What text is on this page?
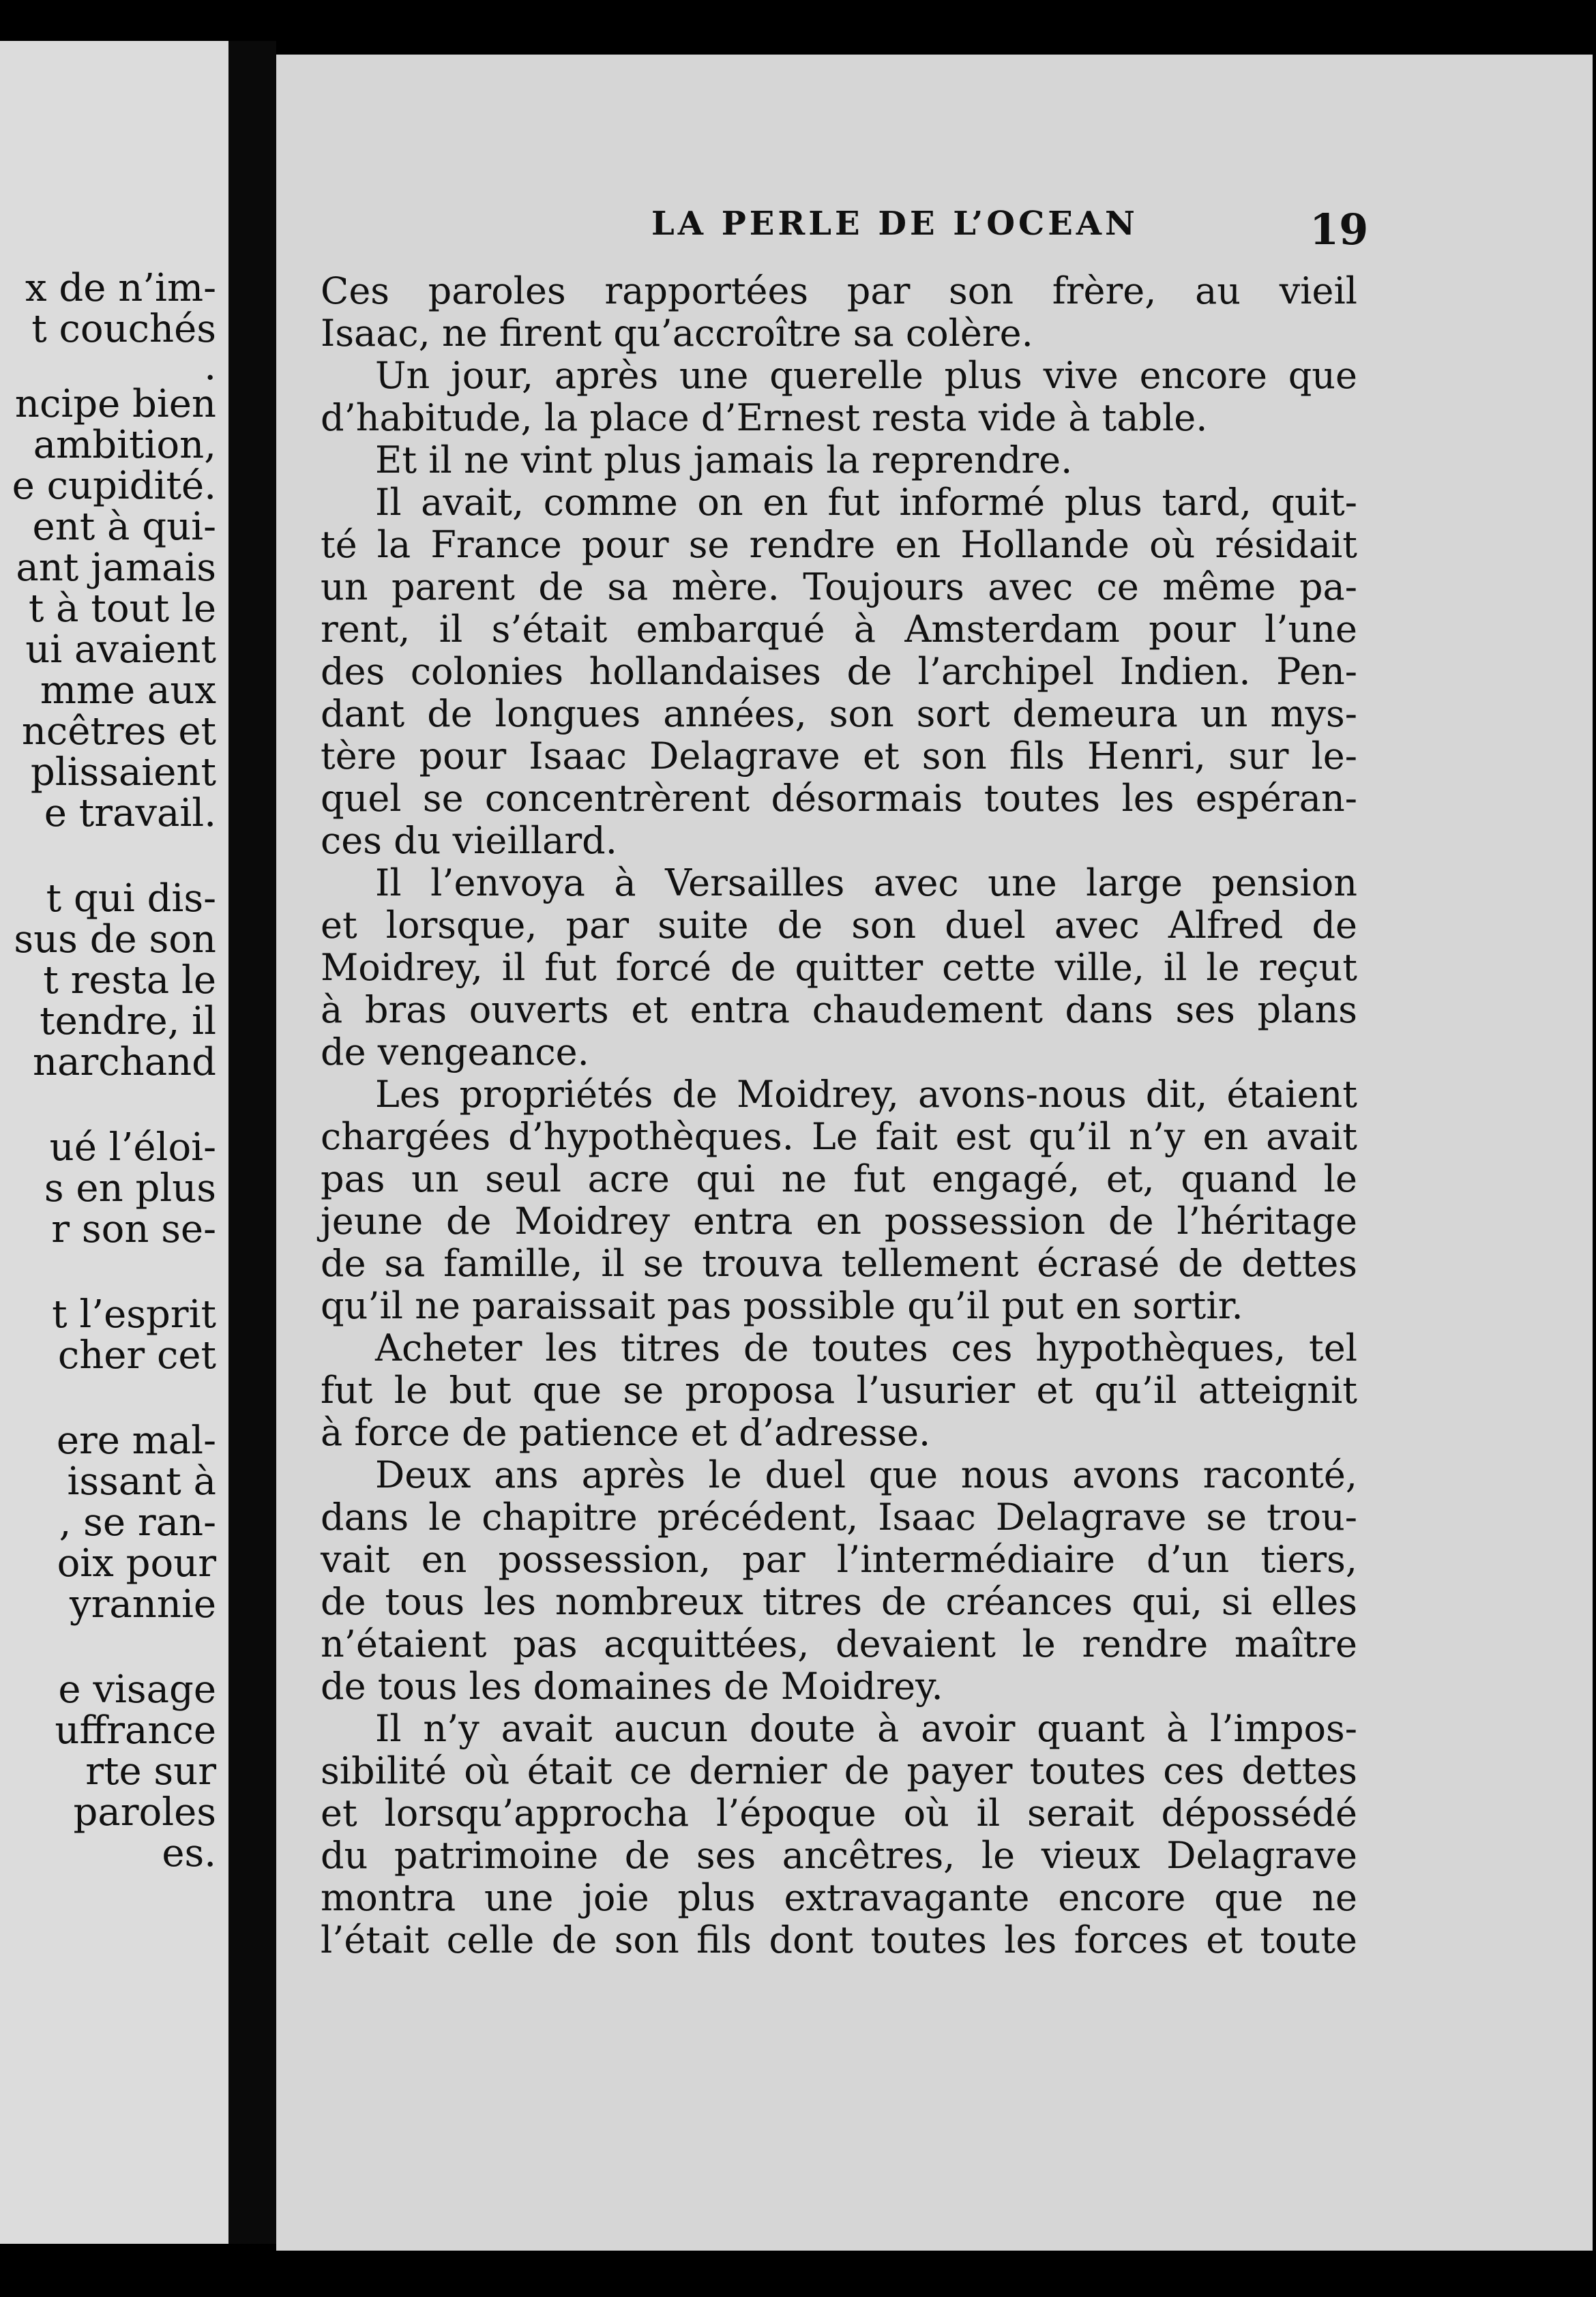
x de n’im-
t couchés
.
ncipe bien
ambition,
e cupidité.
ent à qui-
ant jamais
t à tout le
ui avaient
mme aux
ncêtres et
plissaient
e travail.
t qui dis-
sus de son
t resta le
tendre, il
narchand
ué l’éloi-
s en plus
r son se-
t l’esprit
cher cet
ere mal-
issant à
, se ran-
oix pour
yrannie
e visage
uffrance
rte sur
paroles
es.
LA PERLE DE L’OCEAN	19
Ces paroles rapportées par son frère, au vieil
Isaac, ne firent qu’accroître sa colère.
Un jour, après une querelle plus vive encore que
d’habitude, la place d’Ernest resta vide à table.
Et il ne vint plus jamais la reprendre.
Il avait, comme on en fut informé plus tard, quit-
té la France pour se rendre en Hollande où résidait
un parent de sa mère. Toujours avec ce même pa-
rent, il s’était embarqué à Amsterdam pour l’une
des colonies hollandaises de l’archipel Indien. Pen-
dant de longues années, son sort demeura un mys-
tère pour Isaac Delagrave et son fils Henri, sur le-
quel se concentrèrent désormais toutes les espéran-
ces du vieillard.
Il l’envoya à Versailles avec une large pension
et lorsque, par suite de son duel avec Alfred de
Moidrey, il fut forcé de quitter cette ville, il le reçut
à bras ouverts et entra chaudement dans ses plans
de vengeance.
Les propriétés de Moidrey, avons-nous dit, étaient
chargées d’hypothèques. Le fait est qu’il n’y en avait
pas un seul acre qui ne fut engagé, et, quand le
jeune de Moidrey entra en possession de l’héritage
de sa famille, il se trouva tellement écrasé de dettes
qu’il ne paraissait pas possible qu’il put en sortir.
Acheter les titres de toutes ces hypothèques, tel
fut le but que se proposa l’usurier et qu’il atteignit
à force de patience et d’adresse.
Deux ans après le duel que nous avons raconté,
dans le chapitre précédent, Isaac Delagrave se trou-
vait en possession, par l’intermédiaire d’un tiers,
de tous les nombreux titres de créances qui, si elles
n’étaient pas acquittées, devaient le rendre maître
de tous les domaines de Moidrey.
Il n’y avait aucun doute à avoir quant à l’impos-
sibilité où était ce dernier de payer toutes ces dettes
et lorsqu’approcha l’époque où il serait dépossédé
du patrimoine de ses ancêtres, le vieux Delagrave
montra une joie plus extravagante encore que ne
l’était celle de son fils dont toutes les forces et toute
